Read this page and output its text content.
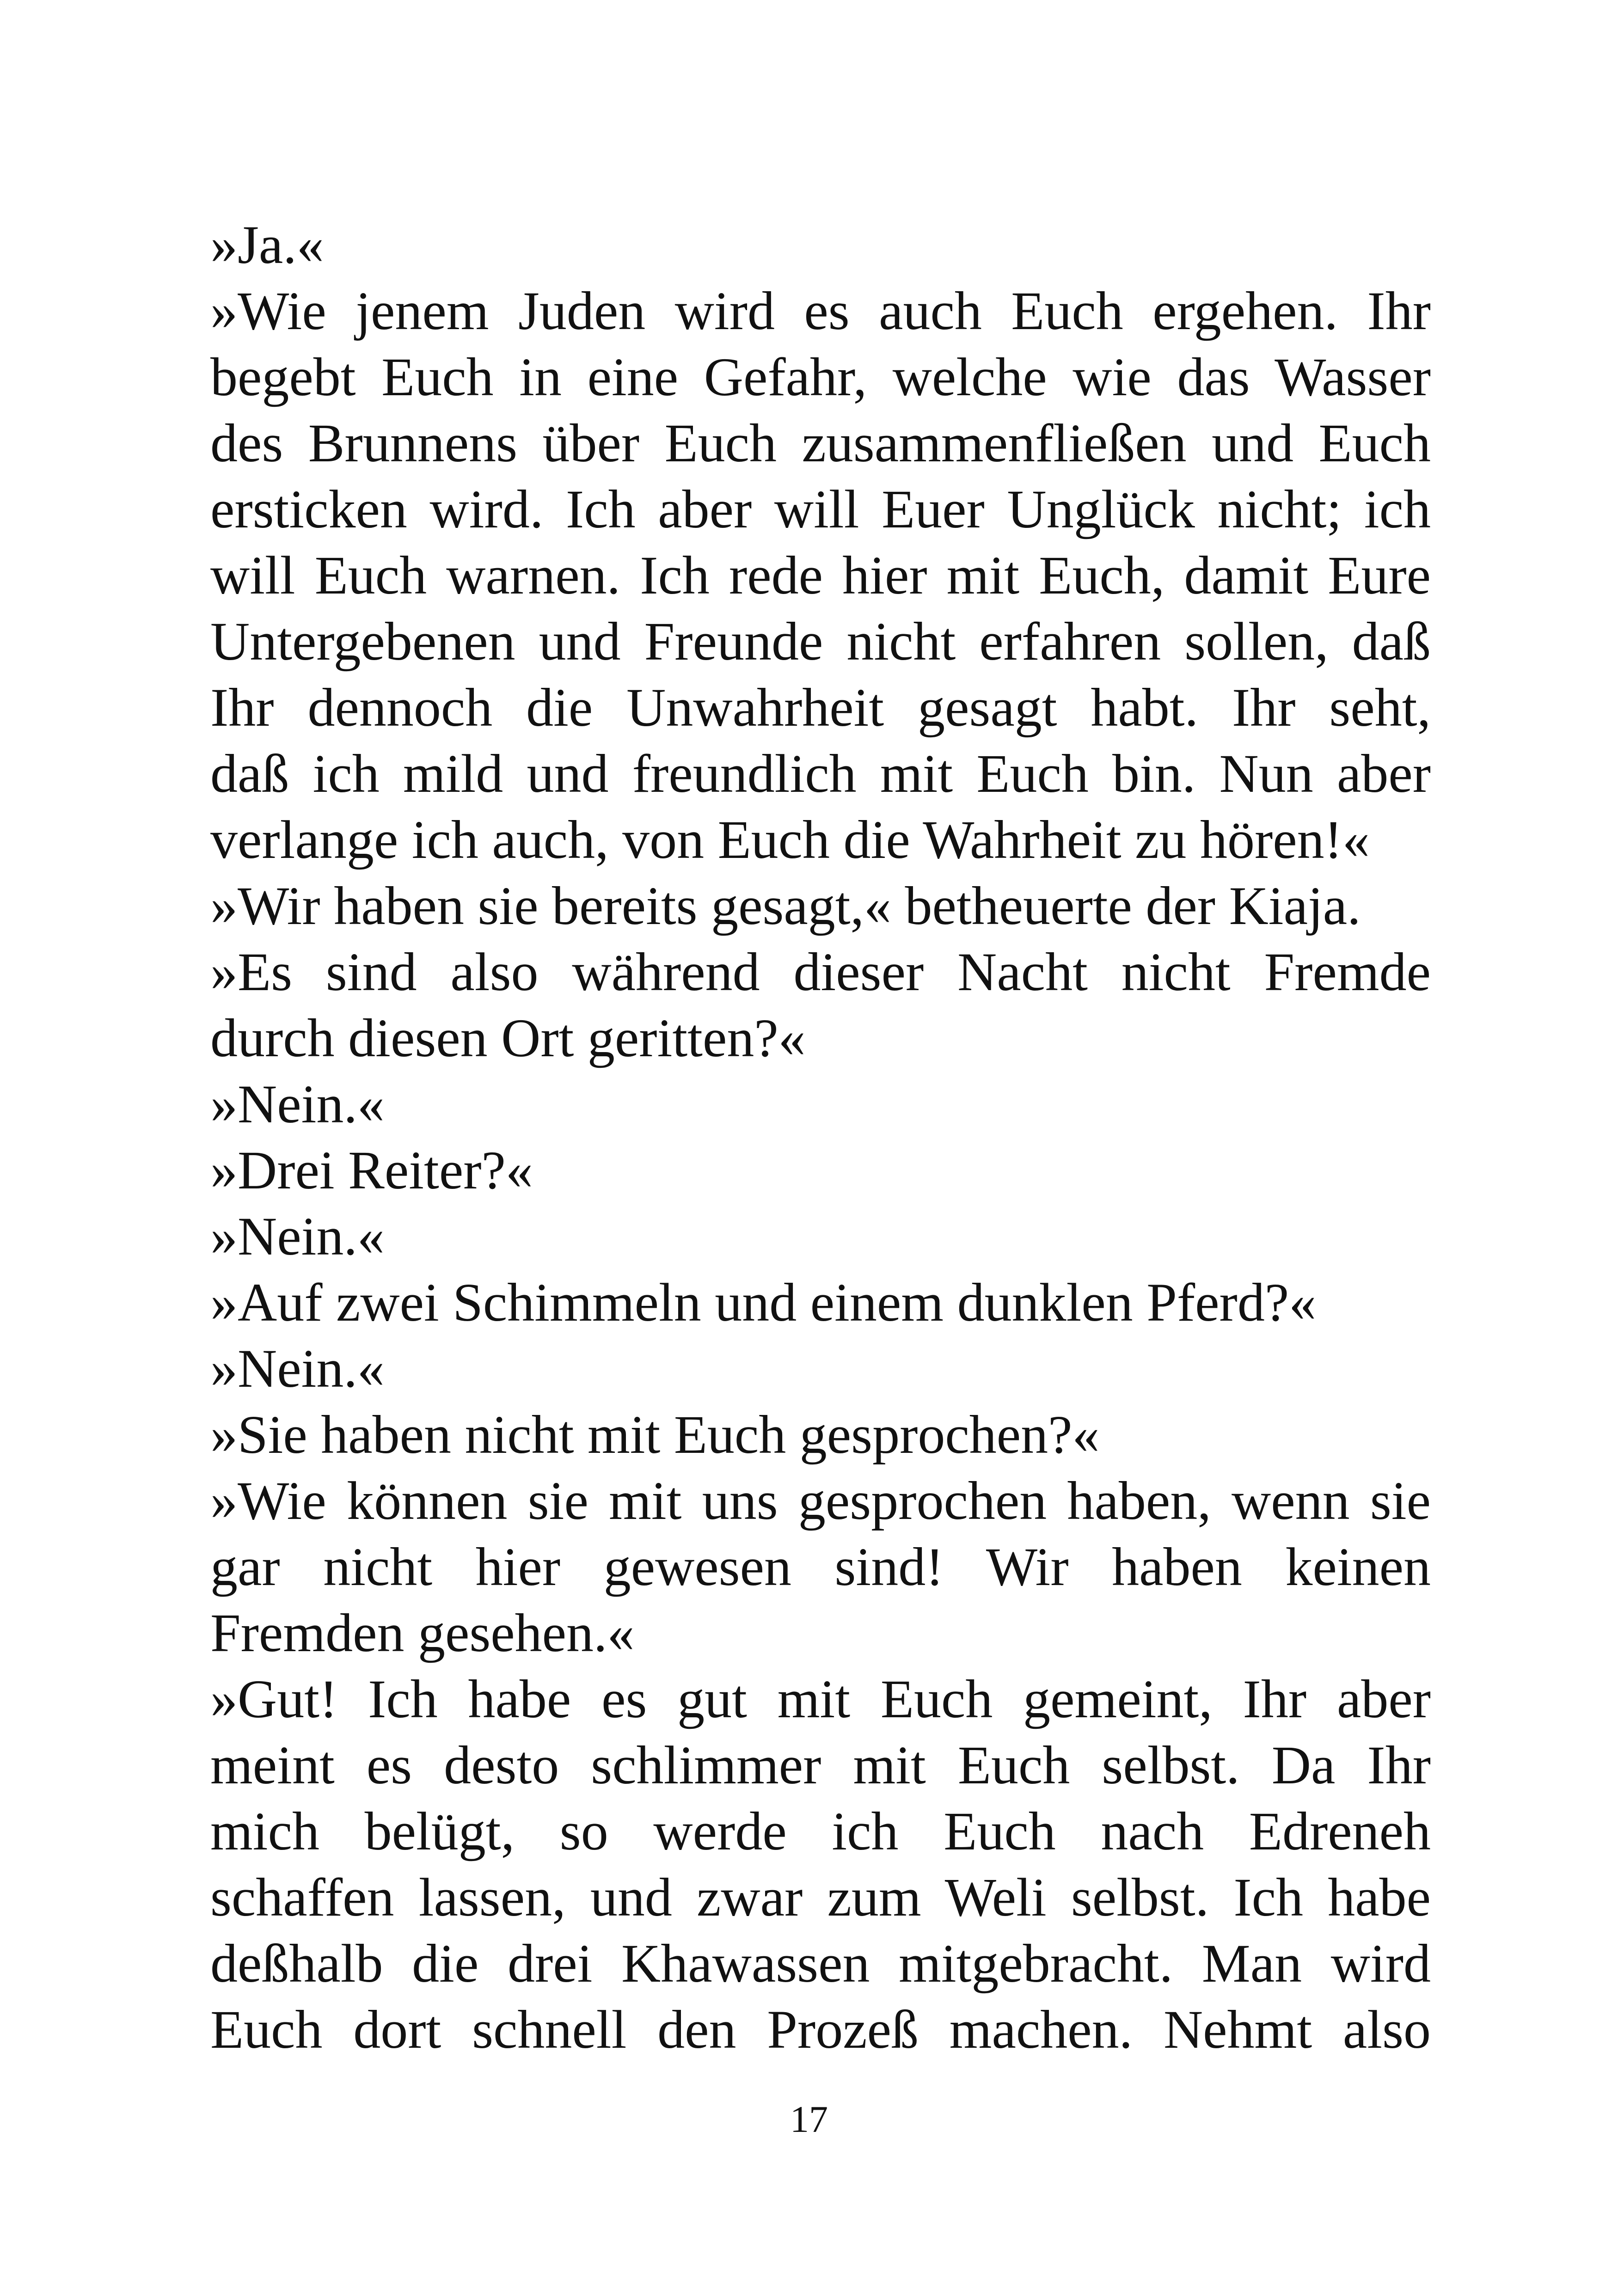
»Ja.«
»Wie jenem Juden wird es auch Euch ergehen. Ihr
begebt Euch in eine Gefahr, welche wie das Wasser
des Brunnens über Euch zusammenfließen und Euch
ersticken wird. Ich aber will Euer Unglück nicht; ich
will Euch warnen. Ich rede hier mit Euch, damit Eure
Untergebenen und Freunde nicht erfahren sollen, daß
Ihr dennoch die Unwahrheit gesagt habt. Ihr seht,
daß ich mild und freundlich mit Euch bin. Nun aber
verlange ich auch, von Euch die Wahrheit zu hören!«
»Wir haben sie bereits gesagt,« betheuerte der Kiaja.
»Es sind also während dieser Nacht nicht Fremde
durch diesen Ort geritten?«
»Nein.«
»Drei Reiter?«
»Nein.«
»Auf zwei Schimmeln und einem dunklen Pferd?«
»Nein.«
»Sie haben nicht mit Euch gesprochen?«
»Wie können sie mit uns gesprochen haben, wenn sie
gar nicht hier gewesen sind! Wir haben keinen
Fremden gesehen.«
»Gut! Ich habe es gut mit Euch gemeint, Ihr aber
meint es desto schlimmer mit Euch selbst. Da Ihr
mich belügt, so werde ich Euch nach Edreneh
schaffen lassen, und zwar zum Weli selbst. Ich habe
deßhalb die drei Khawassen mitgebracht. Man wird
Euch dort schnell den Prozeß machen. Nehmt also
17
